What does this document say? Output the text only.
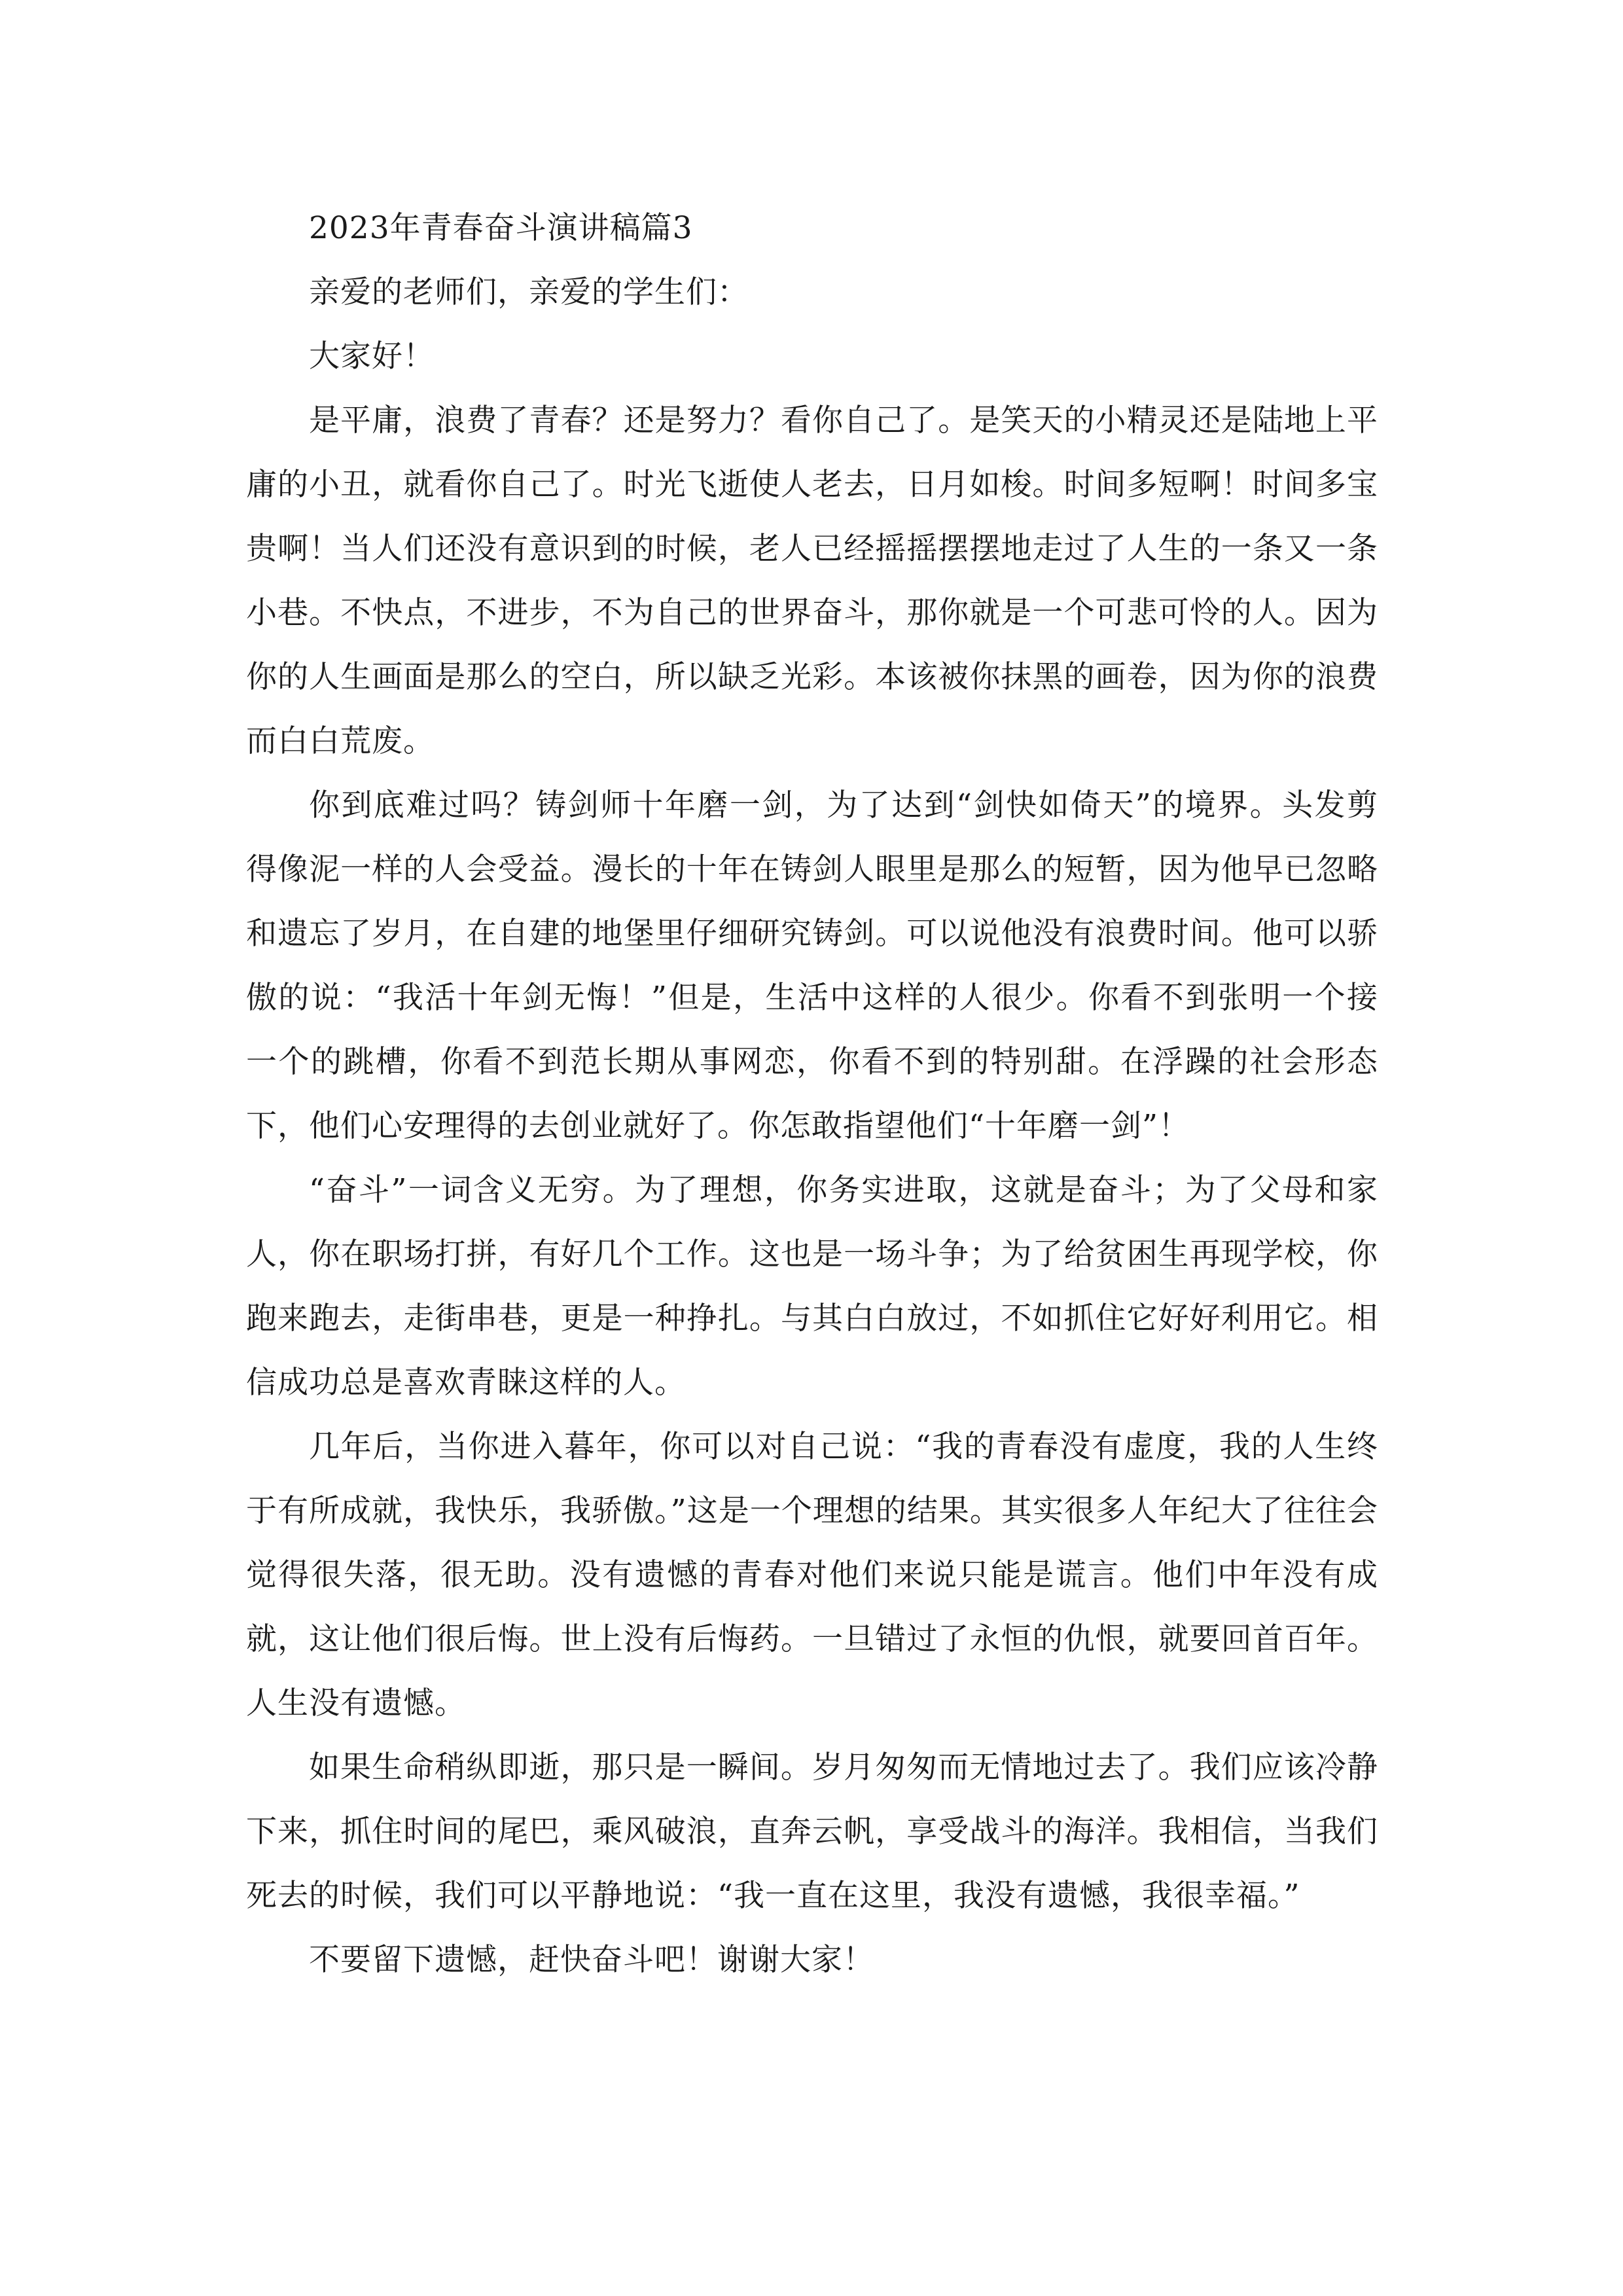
2023年青春奋斗演讲稿篇3

亲爱的老师们，亲爱的学生们：

大家好！

是平庸，浪费了青春？还是努力？看你自己了。是笑天的小精灵还是陆地上平庸的小丑，就看你自己了。时光飞逝使人老去，日月如梭。时间多短啊！时间多宝贵啊！当人们还没有意识到的时候，老人已经摇摇摆摆地走过了人生的一条又一条小巷。不快点，不进步，不为自己的世界奋斗，那你就是一个可悲可怜的人。因为你的人生画面是那么的空白，所以缺乏光彩。本该被你抹黑的画卷，因为你的浪费而白白荒废。

你到底难过吗？铸剑师十年磨一剑，为了达到“剑快如倚天”的境界。头发剪得像泥一样的人会受益。漫长的十年在铸剑人眼里是那么的短暂，因为他早已忽略和遗忘了岁月，在自建的地堡里仔细研究铸剑。可以说他没有浪费时间。他可以骄傲的说：“我活十年剑无悔！”但是，生活中这样的人很少。你看不到张明一个接一个的跳槽，你看不到范长期从事网恋，你看不到的特别甜。在浮躁的社会形态下，他们心安理得的去创业就好了。你怎敢指望他们“十年磨一剑”！

“奋斗”一词含义无穷。为了理想，你务实进取，这就是奋斗；为了父母和家人，你在职场打拼，有好几个工作。这也是一场斗争；为了给贫困生再现学校，你跑来跑去，走街串巷，更是一种挣扎。与其白白放过，不如抓住它好好利用它。相信成功总是喜欢青睐这样的人。

几年后，当你进入暮年，你可以对自己说：“我的青春没有虚度，我的人生终于有所成就，我快乐，我骄傲。”这是一个理想的结果。其实很多人年纪大了往往会觉得很失落，很无助。没有遗憾的青春对他们来说只能是谎言。他们中年没有成就，这让他们很后悔。世上没有后悔药。一旦错过了永恒的仇恨，就要回首百年。人生没有遗憾。

如果生命稍纵即逝，那只是一瞬间。岁月匆匆而无情地过去了。我们应该冷静下来，抓住时间的尾巴，乘风破浪，直奔云帆，享受战斗的海洋。我相信，当我们死去的时候，我们可以平静地说：“我一直在这里，我没有遗憾，我很幸福。”

不要留下遗憾，赶快奋斗吧！谢谢大家！
